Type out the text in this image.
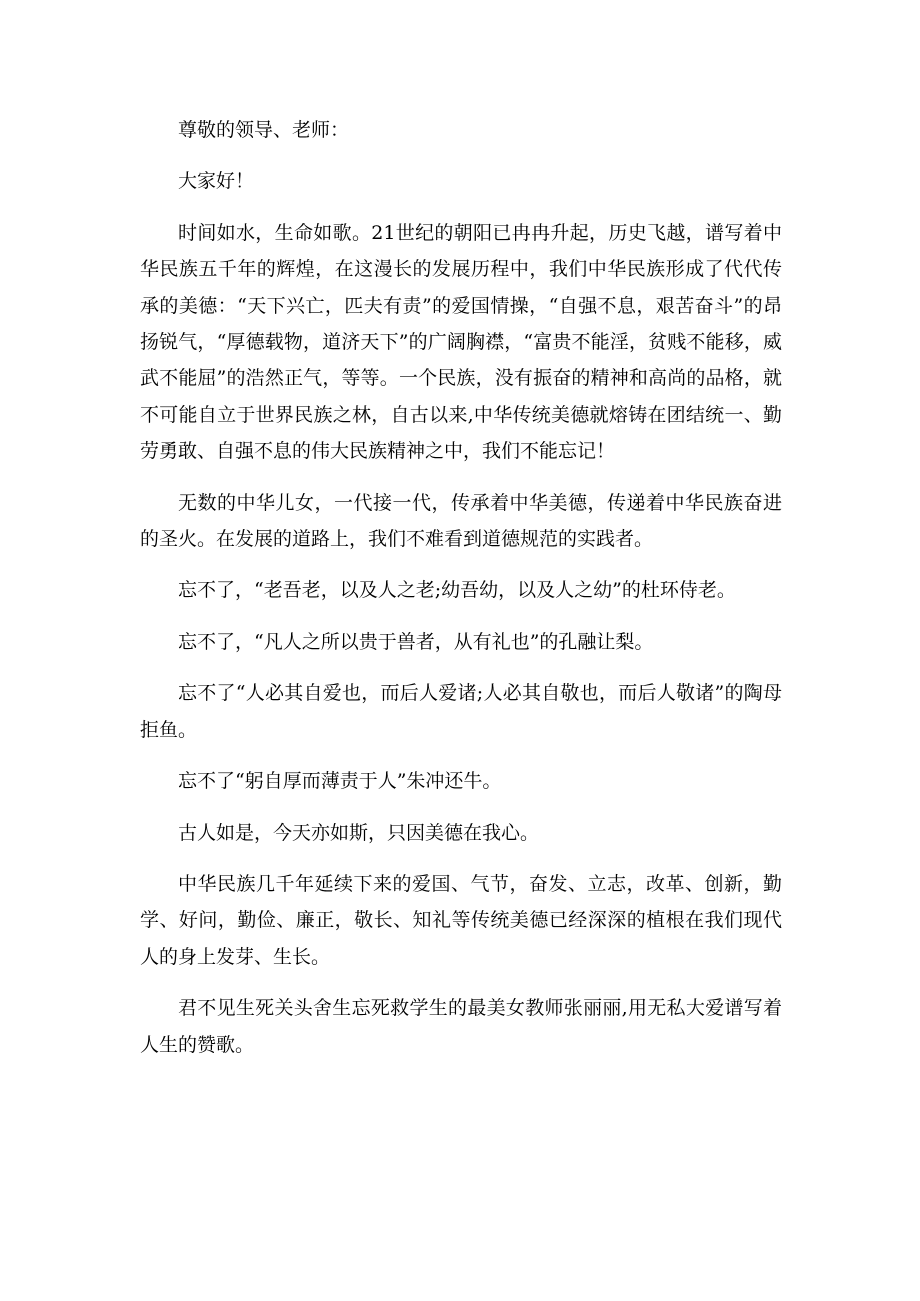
尊敬的领导、老师：

大家好！

时间如水，生命如歌。21世纪的朝阳已冉冉升起，历史飞越，谱写着中华民族五千年的辉煌，在这漫长的发展历程中，我们中华民族形成了代代传承的美德：“天下兴亡，匹夫有责”的爱国情操，“自强不息，艰苦奋斗”的昂扬锐气，“厚德载物，道济天下”的广阔胸襟，“富贵不能淫，贫贱不能移，威武不能屈”的浩然正气，等等。一个民族，没有振奋的精神和高尚的品格，就不可能自立于世界民族之林，自古以来,中华传统美德就熔铸在团结统一、勤劳勇敢、自强不息的伟大民族精神之中，我们不能忘记！

无数的中华儿女，一代接一代，传承着中华美德，传递着中华民族奋进的圣火。在发展的道路上，我们不难看到道德规范的实践者。

忘不了，“老吾老，以及人之老;幼吾幼，以及人之幼”的杜环侍老。

忘不了，“凡人之所以贵于兽者，从有礼也”的孔融让梨。

忘不了“人必其自爱也，而后人爱诸;人必其自敬也，而后人敬诸”的陶母拒鱼。

忘不了“躬自厚而薄责于人”朱冲还牛。

古人如是，今天亦如斯，只因美德在我心。

中华民族几千年延续下来的爱国、气节，奋发、立志，改革、创新，勤学、好问，勤俭、廉正，敬长、知礼等传统美德已经深深的植根在我们现代人的身上发芽、生长。

君不见生死关头舍生忘死救学生的最美女教师张丽丽,用无私大爱谱写着人生的赞歌。
